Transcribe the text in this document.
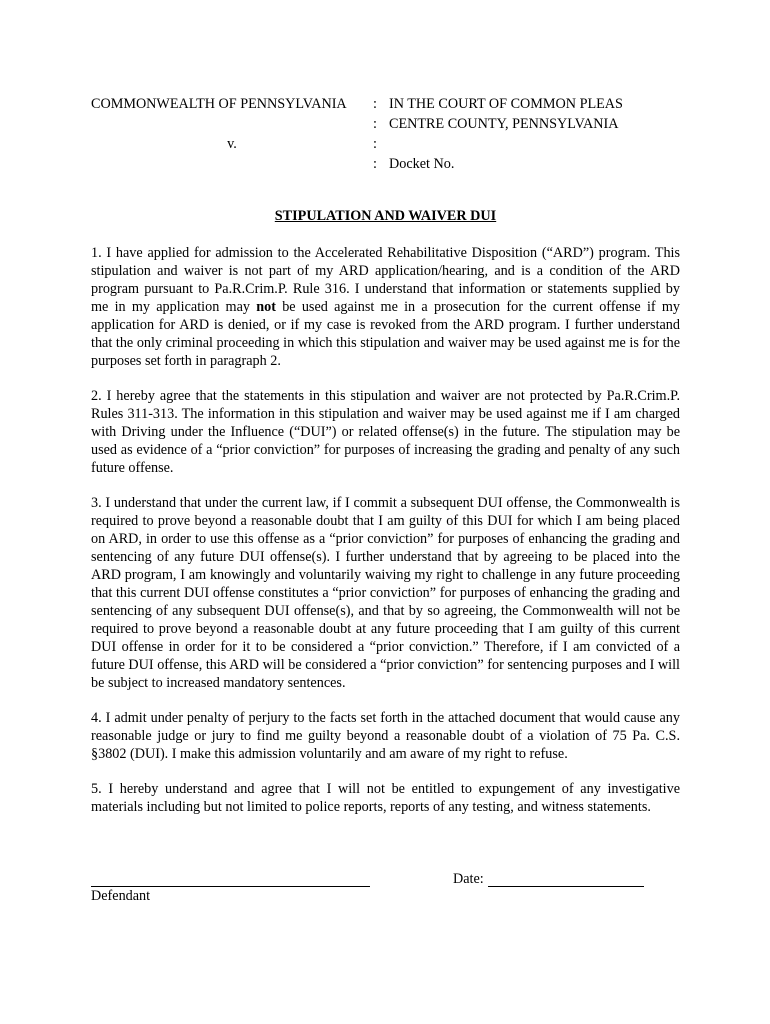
COMMONWEALTH OF PENNSYLVANIA	: IN THE COURT OF COMMON PLEAS
: CENTRE COUNTY, PENNSYLVANIA
v.	:
: Docket No.
STIPULATION AND WAIVER DUI

1. I have applied for admission to the Accelerated Rehabilitative Disposition (“ARD”) program. This stipulation and waiver is not part of my ARD application/hearing, and is a condition of the ARD program pursuant to Pa.R.Crim.P. Rule 316. I understand that information or statements supplied by me in my application may not be used against me in a prosecution for the current offense if my application for ARD is denied, or if my case is revoked from the ARD program. I further understand that the only criminal proceeding in which this stipulation and waiver may be used against me is for the purposes set forth in paragraph 2.

2. I hereby agree that the statements in this stipulation and waiver are not protected by Pa.R.Crim.P. Rules 311-313. The information in this stipulation and waiver may be used against me if I am charged with Driving under the Influence (“DUI”) or related offense(s) in the future. The stipulation may be used as evidence of a “prior conviction” for purposes of increasing the grading and penalty of any such future offense.

3. I understand that under the current law, if I commit a subsequent DUI offense, the Commonwealth is required to prove beyond a reasonable doubt that I am guilty of this DUI for which I am being placed on ARD, in order to use this offense as a “prior conviction” for purposes of enhancing the grading and sentencing of any future DUI offense(s). I further understand that by agreeing to be placed into the ARD program, I am knowingly and voluntarily waiving my right to challenge in any future proceeding that this current DUI offense constitutes a “prior conviction” for purposes of enhancing the grading and sentencing of any subsequent DUI offense(s), and that by so agreeing, the Commonwealth will not be required to prove beyond a reasonable doubt at any future proceeding that I am guilty of this current DUI offense in order for it to be considered a “prior conviction.” Therefore, if I am convicted of a future DUI offense, this ARD will be considered a “prior conviction” for sentencing purposes and I will be subject to increased mandatory sentences.

4. I admit under penalty of perjury to the facts set forth in the attached document that would cause any reasonable judge or jury to find me guilty beyond a reasonable doubt of a violation of 75 Pa. C.S. §3802 (DUI). I make this admission voluntarily and am aware of my right to refuse.

5. I hereby understand and agree that I will not be entitled to expungement of any investigative materials including but not limited to police reports, reports of any testing, and witness statements.

Defendant
Date:
